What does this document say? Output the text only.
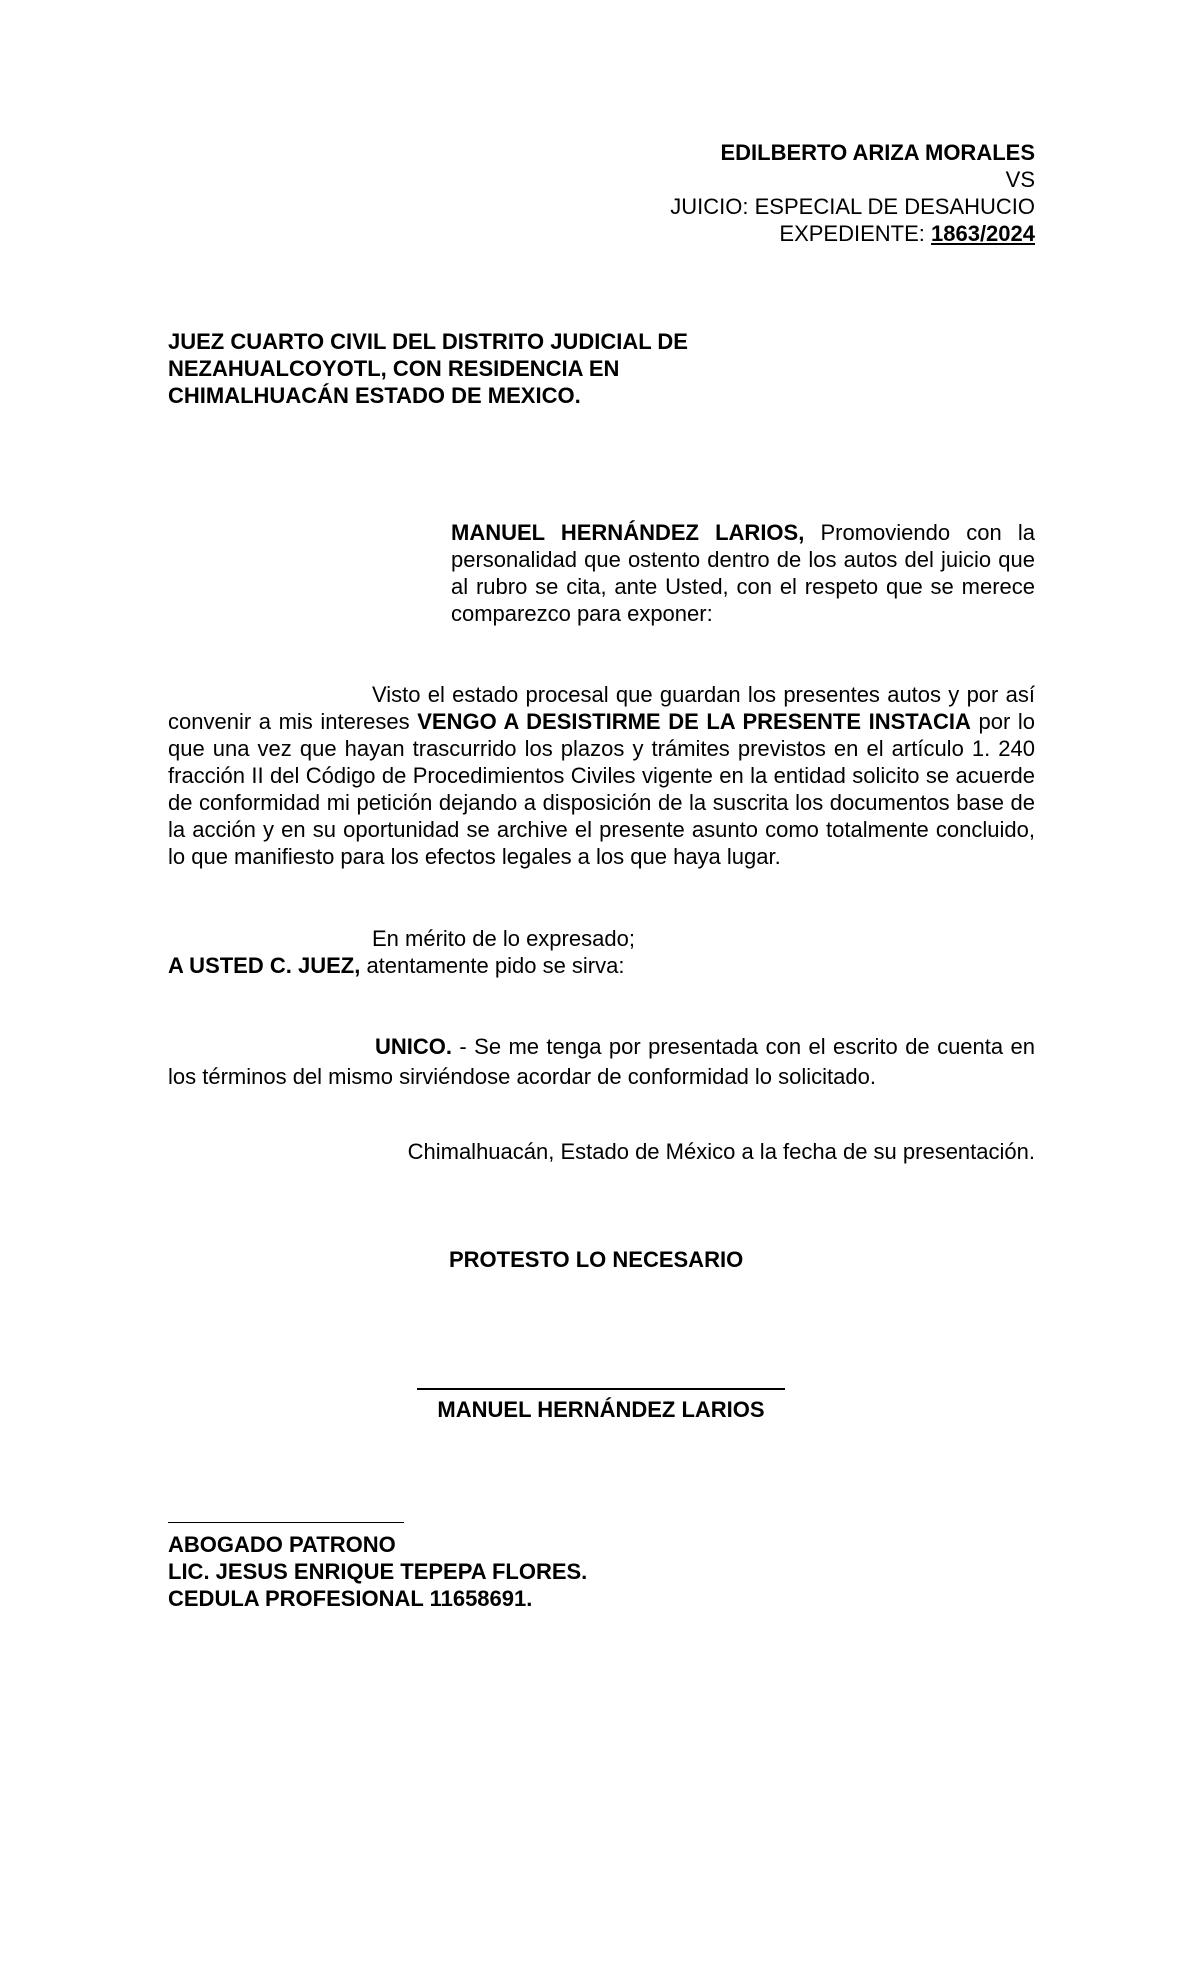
EDILBERTO ARIZA MORALES
VS
JUICIO: ESPECIAL DE DESAHUCIO
EXPEDIENTE: 1863/2024
JUEZ CUARTO CIVIL DEL DISTRITO JUDICIAL DE
NEZAHUALCOYOTL, CON RESIDENCIA EN
CHIMALHUACÁN ESTADO DE MEXICO.
MANUEL HERNÁNDEZ LARIOS, Promoviendo con la personalidad que ostento dentro de los autos del juicio que al rubro se cita, ante Usted, con el respeto que se merece comparezco para exponer:
Visto el estado procesal que guardan los presentes autos y por así convenir a mis intereses VENGO A DESISTIRME DE LA PRESENTE INSTACIA por lo que una vez que hayan trascurrido los plazos y trámites previstos en el artículo 1. 240 fracción II del Código de Procedimientos Civiles vigente en la entidad solicito se acuerde de conformidad mi petición dejando a disposición de la suscrita los documentos base de la acción y en su oportunidad se archive el presente asunto como totalmente concluido, lo que manifiesto para los efectos legales a los que haya lugar.
En mérito de lo expresado;
A USTED C. JUEZ, atentamente pido se sirva:
UNICO. - Se me tenga por presentada con el escrito de cuenta en los términos del mismo sirviéndose acordar de conformidad lo solicitado.
Chimalhuacán, Estado de México a la fecha de su presentación.
PROTESTO LO NECESARIO
MANUEL HERNÁNDEZ LARIOS
ABOGADO PATRONO
LIC. JESUS ENRIQUE TEPEPA FLORES.
CEDULA PROFESIONAL 11658691.
